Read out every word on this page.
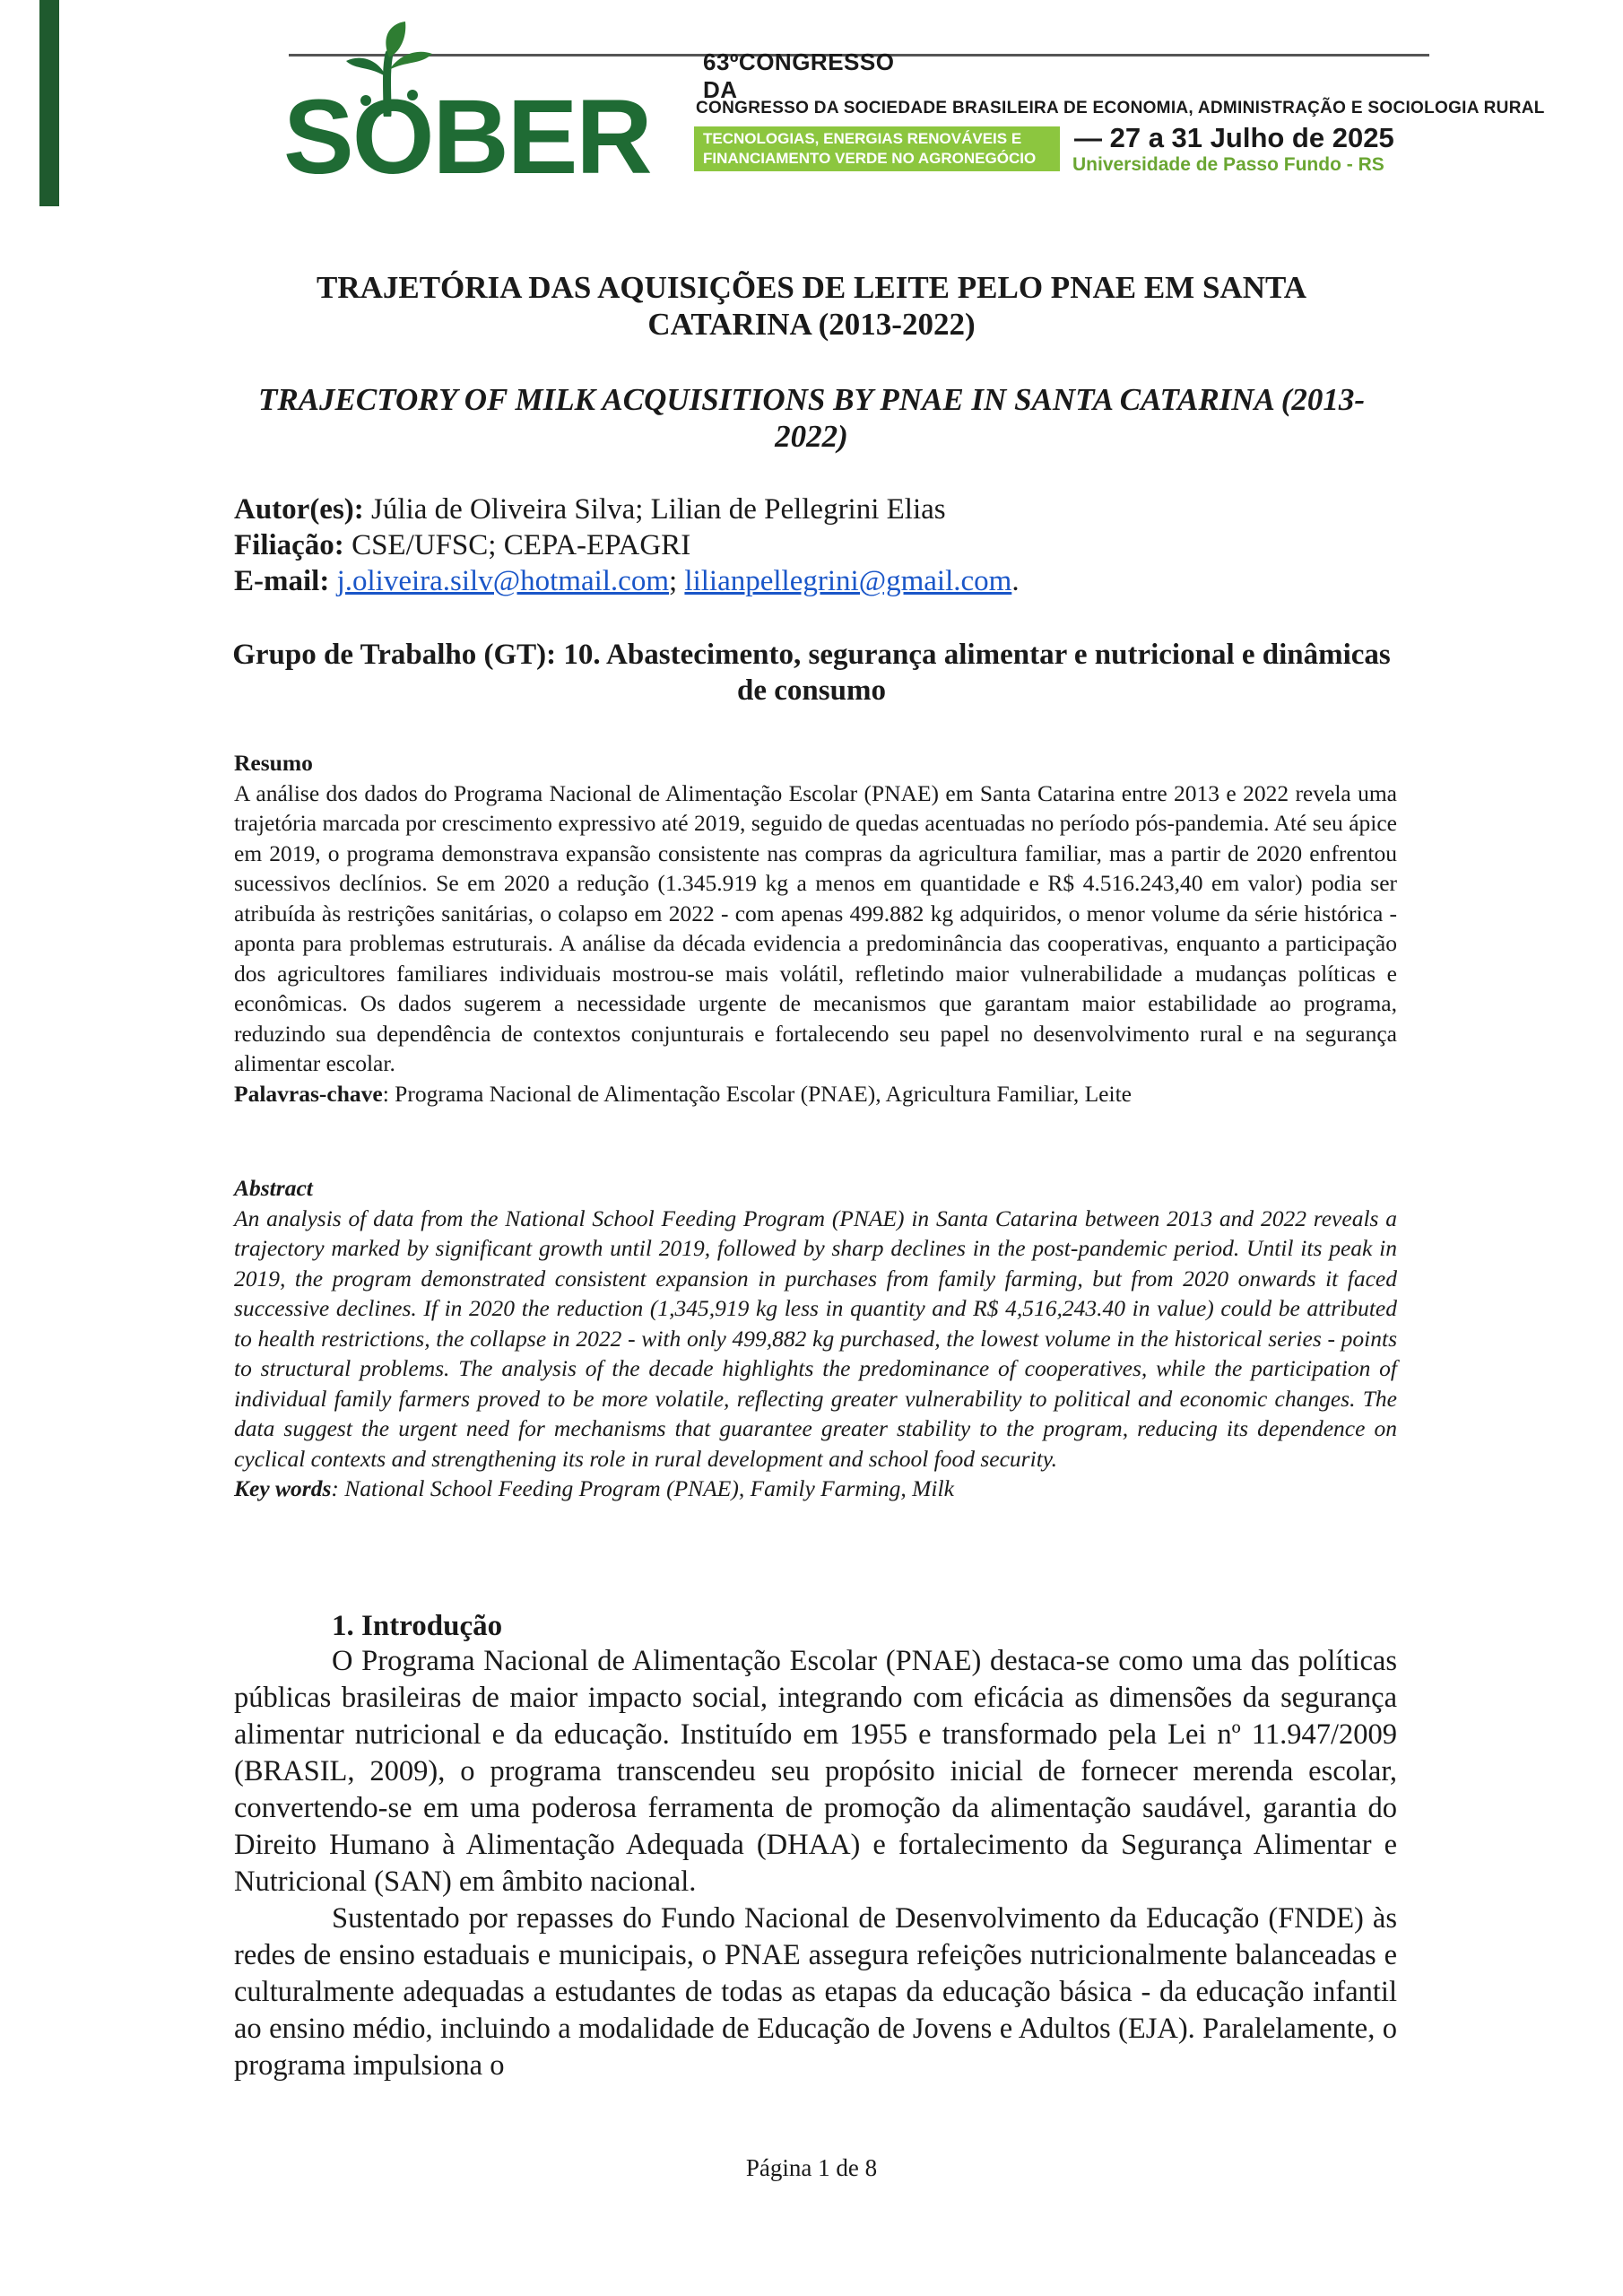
63ºCONGRESSO DA
SOBER	CONGRESSO DA SOCIEDADE BRASILEIRA DE ECONOMIA, ADMINISTRAÇÃO E SOCIOLOGIA RURAL
TECNOLOGIAS, ENERGIAS RENOVÁVEIS E
FINANCIAMENTO VERDE NO AGRONEGÓCIO
— 27 a 31 Julho de 2025
Universidade de Passo Fundo - RS
TRAJETÓRIA DAS AQUISIÇÕES DE LEITE PELO PNAE EM SANTA CATARINA (2013-2022)
TRAJECTORY OF MILK ACQUISITIONS BY PNAE IN SANTA CATARINA (2013-2022)
Autor(es): Júlia de Oliveira Silva; Lilian de Pellegrini Elias
Filiação: CSE/UFSC; CEPA-EPAGRI
E-mail: j.oliveira.silv@hotmail.com; lilianpellegrini@gmail.com.
Grupo de Trabalho (GT): 10. Abastecimento, segurança alimentar e nutricional e dinâmicas de consumo

Resumo

A análise dos dados do Programa Nacional de Alimentação Escolar (PNAE) em Santa Catarina entre 2013 e 2022 revela uma trajetória marcada por crescimento expressivo até 2019, seguido de quedas acentuadas no período pós-pandemia. Até seu ápice em 2019, o programa demonstrava expansão consistente nas compras da agricultura familiar, mas a partir de 2020 enfrentou sucessivos declínios. Se em 2020 a redução (1.345.919 kg a menos em quantidade e R$ 4.516.243,40 em valor) podia ser atribuída às restrições sanitárias, o colapso em 2022 - com apenas 499.882 kg adquiridos, o menor volume da série histórica - aponta para problemas estruturais. A análise da década evidencia a predominância das cooperativas, enquanto a participação dos agricultores familiares individuais mostrou-se mais volátil, refletindo maior vulnerabilidade a mudanças políticas e econômicas. Os dados sugerem a necessidade urgente de mecanismos que garantam maior estabilidade ao programa, reduzindo sua dependência de contextos conjunturais e fortalecendo seu papel no desenvolvimento rural e na segurança alimentar escolar.

Palavras-chave: Programa Nacional de Alimentação Escolar (PNAE), Agricultura Familiar, Leite

Abstract

An analysis of data from the National School Feeding Program (PNAE) in Santa Catarina between 2013 and 2022 reveals a trajectory marked by significant growth until 2019, followed by sharp declines in the post-pandemic period. Until its peak in 2019, the program demonstrated consistent expansion in purchases from family farming, but from 2020 onwards it faced successive declines. If in 2020 the reduction (1,345,919 kg less in quantity and R$ 4,516,243.40 in value) could be attributed to health restrictions, the collapse in 2022 - with only 499,882 kg purchased, the lowest volume in the historical series - points to structural problems. The analysis of the decade highlights the predominance of cooperatives, while the participation of individual family farmers proved to be more volatile, reflecting greater vulnerability to political and economic changes. The data suggest the urgent need for mechanisms that guarantee greater stability to the program, reducing its dependence on cyclical contexts and strengthening its role in rural development and school food security.

Key words: National School Feeding Program (PNAE), Family Farming, Milk

1. Introdução

O Programa Nacional de Alimentação Escolar (PNAE) destaca-se como uma das políticas públicas brasileiras de maior impacto social, integrando com eficácia as dimensões da segurança alimentar nutricional e da educação. Instituído em 1955 e transformado pela Lei nº 11.947/2009 (BRASIL, 2009), o programa transcendeu seu propósito inicial de fornecer merenda escolar, convertendo-se em uma poderosa ferramenta de promoção da alimentação saudável, garantia do Direito Humano à Alimentação Adequada (DHAA) e fortalecimento da Segurança Alimentar e Nutricional (SAN) em âmbito nacional.

Sustentado por repasses do Fundo Nacional de Desenvolvimento da Educação (FNDE) às redes de ensino estaduais e municipais, o PNAE assegura refeições nutricionalmente balanceadas e culturalmente adequadas a estudantes de todas as etapas da educação básica - da educação infantil ao ensino médio, incluindo a modalidade de Educação de Jovens e Adultos (EJA). Paralelamente, o programa impulsiona o

Página 1 de 8
